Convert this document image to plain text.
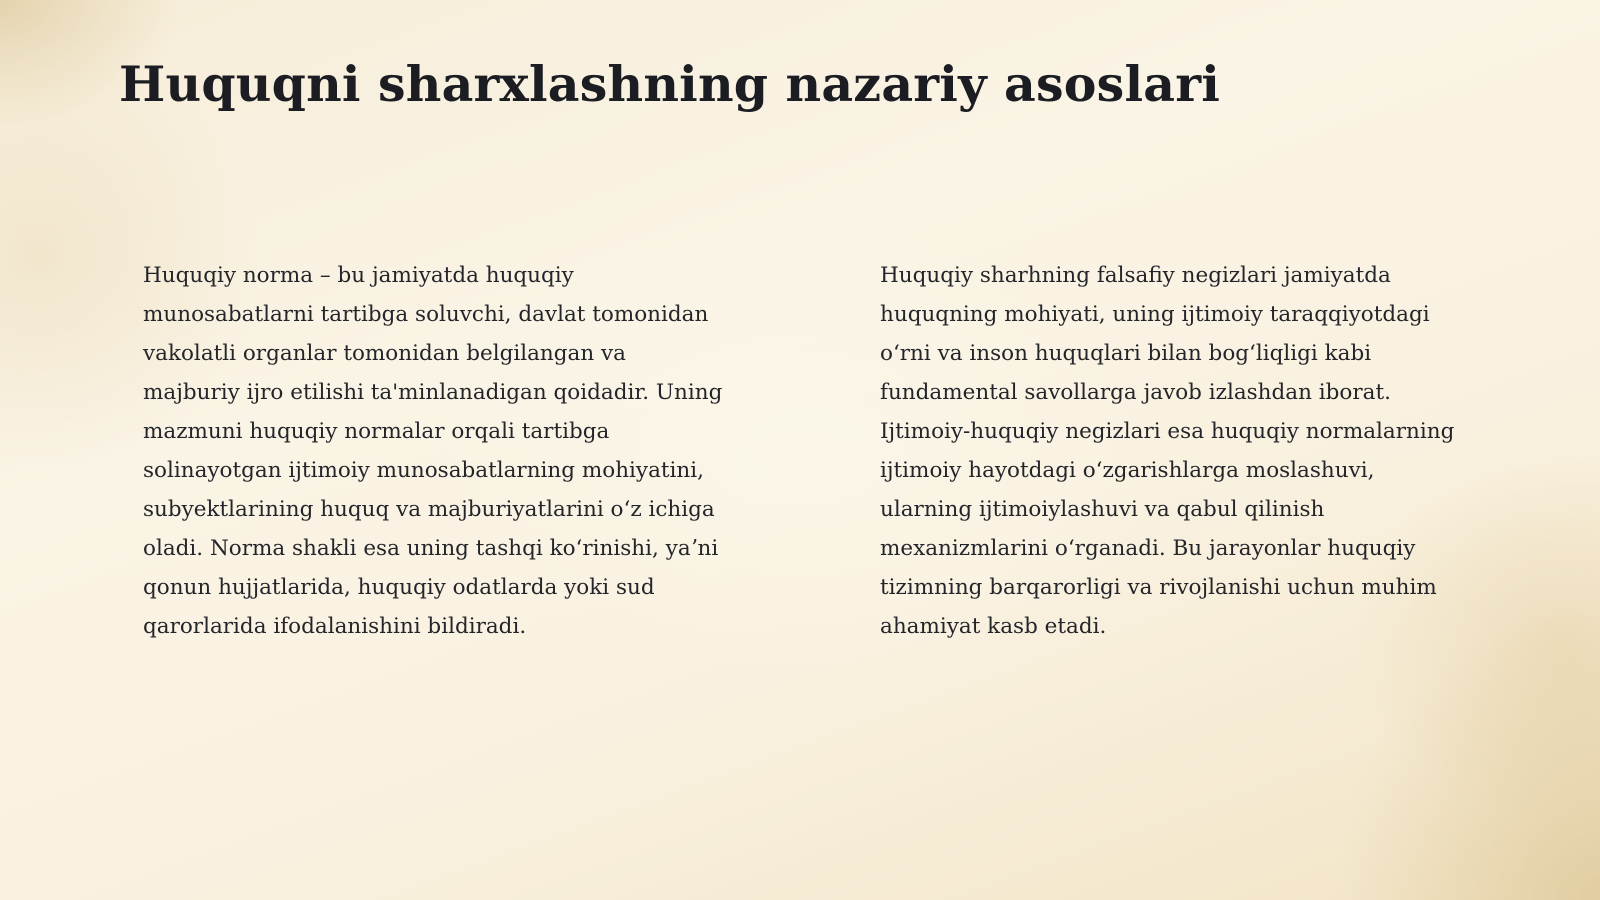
Huquqni sharxlashning nazariy asoslari

Huquqiy norma – bu jamiyatda huquqiy munosabatlarni tartibga soluvchi, davlat tomonidan vakolatli organlar tomonidan belgilangan va majburiy ijro etilishi ta'minlanadigan qoidadir. Uning mazmuni huquqiy normalar orqali tartibga solinayotgan ijtimoiy munosabatlarning mohiyatini, subyektlarining huquq va majburiyatlarini oʻz ichiga oladi. Norma shakli esa uning tashqi koʻrinishi, yaʼni qonun hujjatlarida, huquqiy odatlarda yoki sud qarorlarida ifodalanishini bildiradi.

Huquqiy sharhning falsafiy negizlari jamiyatda huquqning mohiyati, uning ijtimoiy taraqqiyotdagi oʻrni va inson huquqlari bilan bogʻliqligi kabi fundamental savollarga javob izlashdan iborat. Ijtimoiy-huquqiy negizlari esa huquqiy normalarning ijtimoiy hayotdagi oʻzgarishlarga moslashuvi, ularning ijtimoiylashuvi va qabul qilinish mexanizmlarini oʻrganadi. Bu jarayonlar huquqiy tizimning barqarorligi va rivojlanishi uchun muhim ahamiyat kasb etadi.
